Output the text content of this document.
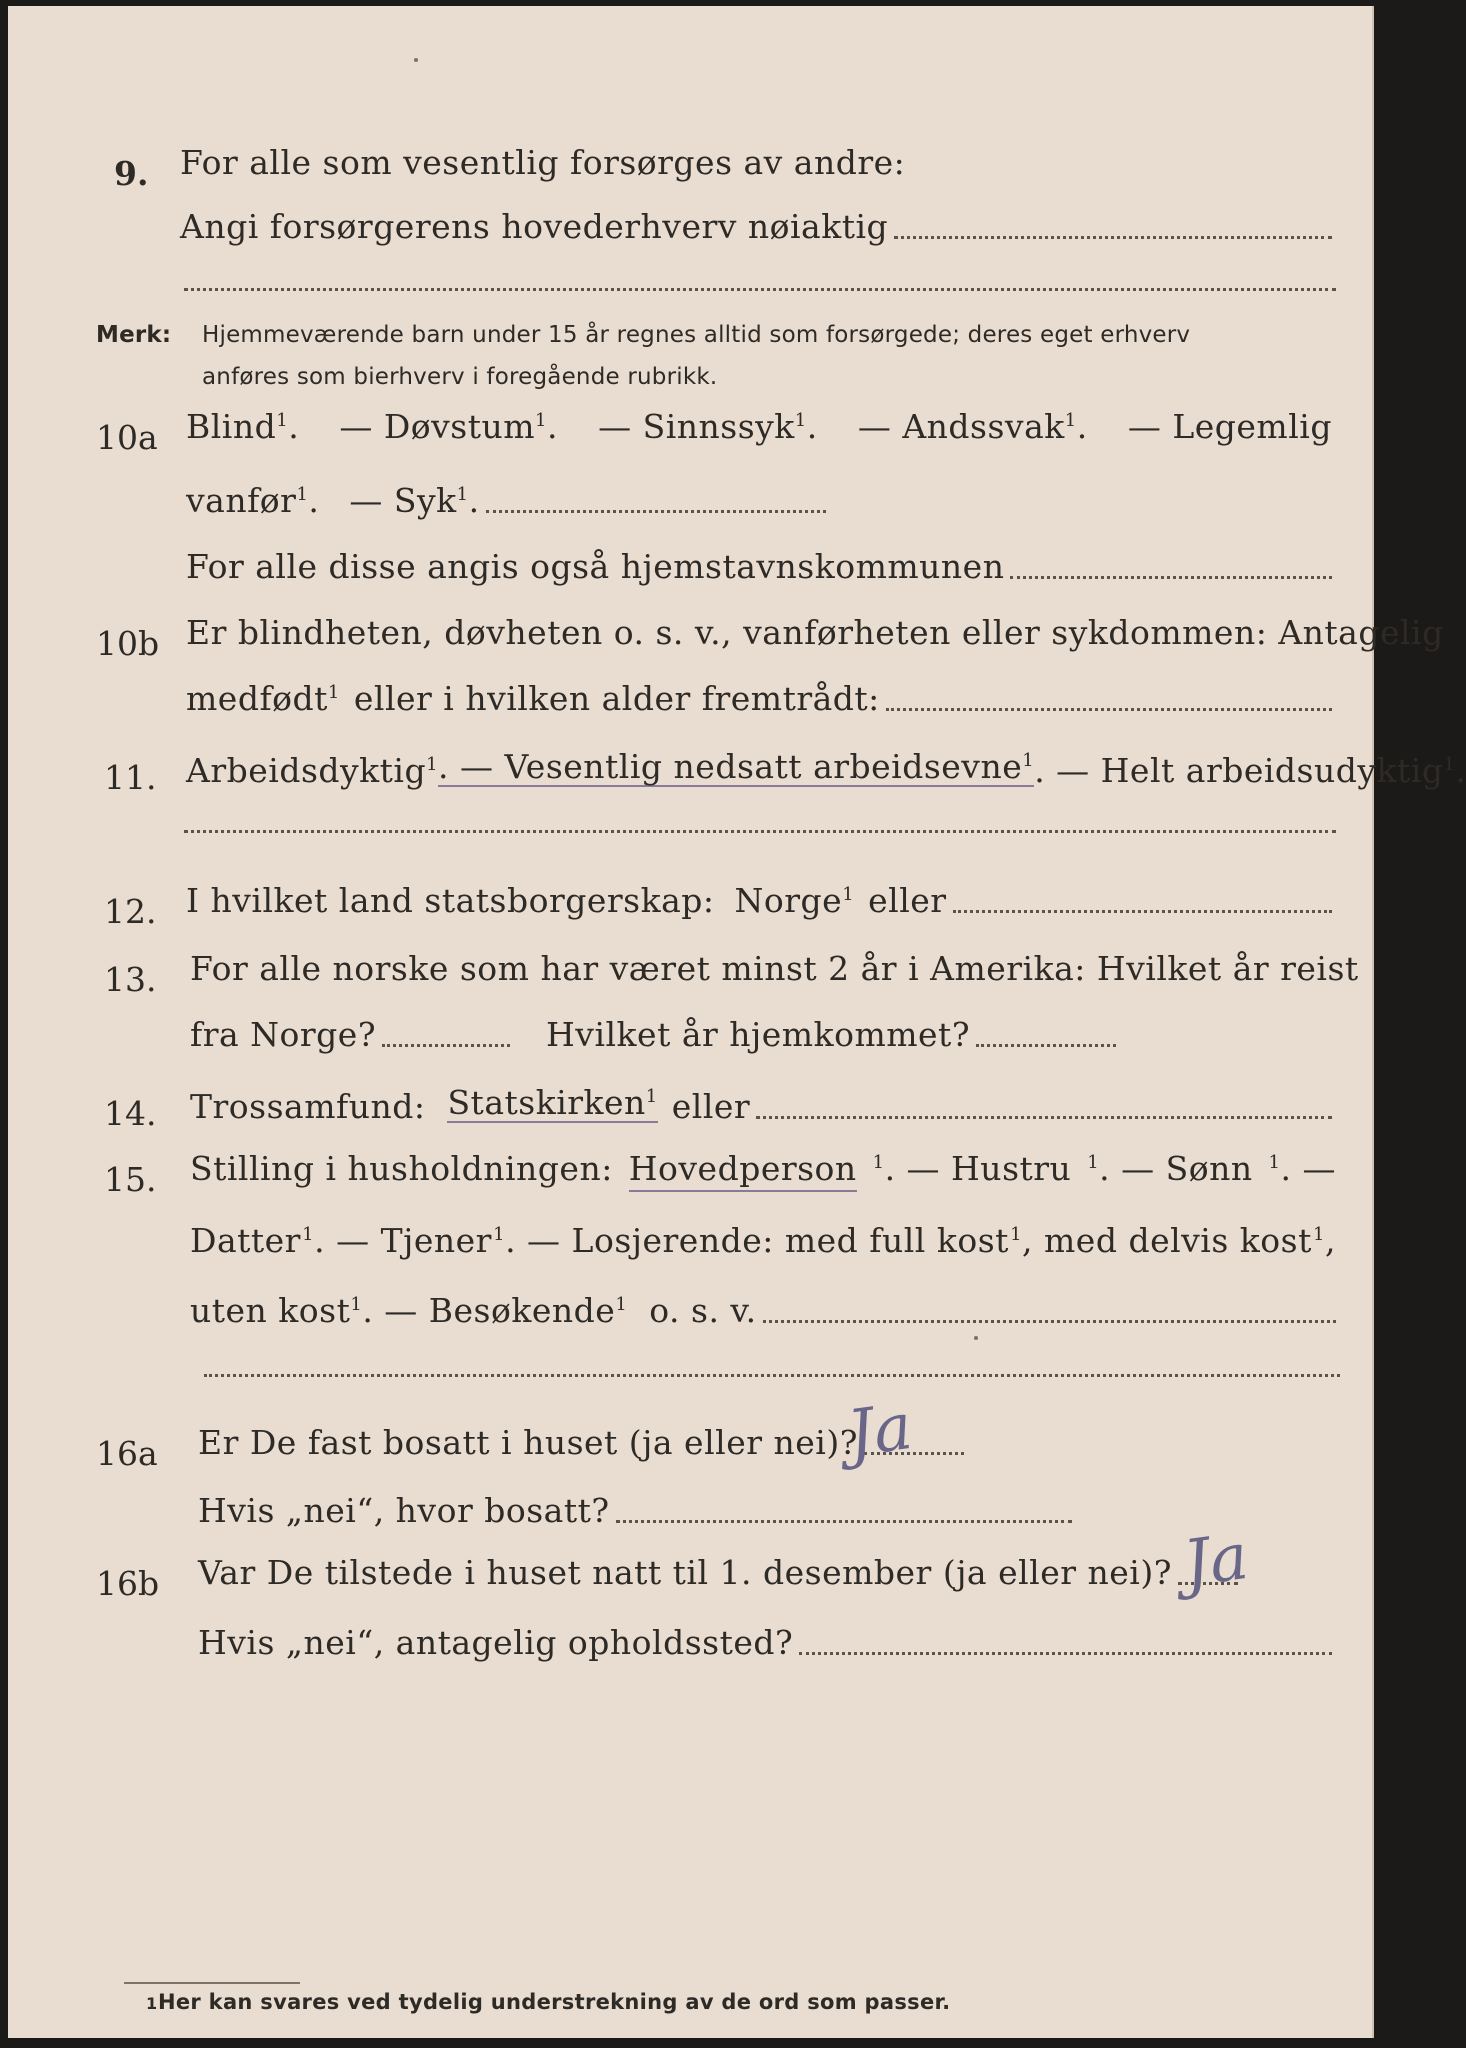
9. For alle som vesentlig forsørges av andre:
Angi forsørgerens hovederhverv nøiaktig
Merk: Hjemmeværende barn under 15 år regnes alltid som forsørgede; deres eget erhverv
anføres som bierhverv i foregående rubrikk.
10a Blind$^1$. — Døvstum$^1$. — Sinnssyk$^1$. — Andssvak$^1$. — Legemlig
vanfør$^1$. — Syk$^1$.
For alle disse angis også hjemstavnskommunen
10b Er blindheten, døvheten o. s. v., vanførheten eller sykdommen: Antagelig
medfødt$^1$ eller i hvilken alder fremtrådt:
11. Arbeidsdyktig$^1$ . — Vesentlig nedsatt arbeidsevne$^1$ . — Helt arbeidsudyktig$^1$.
12. I hvilket land statsborgerskap: Norge$^1$ eller
13.	For alle norske som har været minst 2 år i Amerika: Hvilket år reist
fra Norge?	Hvilket år hjemkommet?
14.	Trossamfund: Statskirken$^1$ eller
15.	Stilling i husholdningen: Hovedperson $^1$. — Hustru $^1$. — Sønn $^1$. —
Datter $^1$. — Tjener $^1$. — Losjerende: med full kost $^1$, med delvis kost $^1$,
uten kost $^1$. — Besøkende $^1$ o. s. v.
16a	Er De fast bosatt i huset (ja eller nei)?
Ja
Hvis „nei“, hvor bosatt?
16b	Var De tilstede i huset natt til 1. desember (ja eller nei)? Ja
Hvis „nei“, antagelig opholdssted?
1 Her kan svares ved tydelig understrekning av de ord som passer.
